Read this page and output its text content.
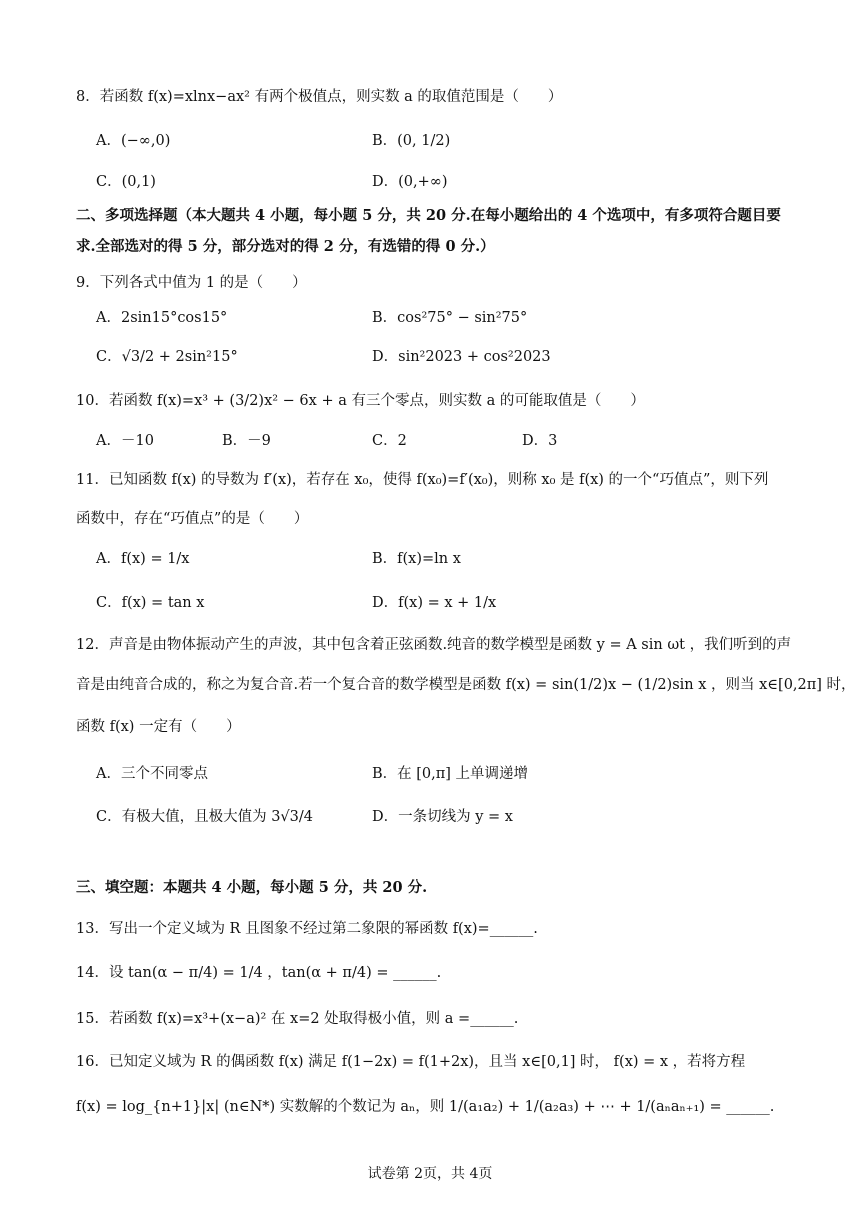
8．若函数 f(x)=xlnx−ax² 有两个极值点，则实数 a 的取值范围是（　　）
A．(−∞,0)	B．(0, 1/2)
C．(0,1)	D．(0,+∞)
二、多项选择题（本大题共 4 小题，每小题 5 分，共 20 分.在每小题给出的 4 个选项中，有多项符合题目要
求.全部选对的得 5 分，部分选对的得 2 分，有选错的得 0 分.）
9．下列各式中值为 1 的是（　　）
A．2sin15°cos15°	B．cos²75° − sin²75°
C．√3/2 + 2sin²15°	D．sin²2023 + cos²2023
10．若函数 f(x)=x³ + (3/2)x² − 6x + a 有三个零点，则实数 a 的可能取值是（　　）
A．－10	B．－9	C．2	D．3
11．已知函数 f(x) 的导数为 f′(x)，若存在 x₀，使得 f(x₀)=f′(x₀)，则称 x₀ 是 f(x) 的一个“巧值点”，则下列
函数中，存在“巧值点”的是（　　）
A．f(x) = 1/x	B．f(x)=ln x
C．f(x) = tan x	D．f(x) = x + 1/x
12．声音是由物体振动产生的声波，其中包含着正弦函数.纯音的数学模型是函数 y = A sin ωt ，我们听到的声
音是由纯音合成的，称之为复合音.若一个复合音的数学模型是函数 f(x) = sin(1/2)x − (1/2)sin x ，则当 x∈[0,2π] 时，
函数 f(x) 一定有（　　）
A．三个不同零点	B．在 [0,π] 上单调递增
C．有极大值，且极大值为 3√3/4	D．一条切线为 y = x
三、填空题：本题共 4 小题，每小题 5 分，共 20 分.
13．写出一个定义域为 R 且图象不经过第二象限的幂函数 f(x)=______.
14．设 tan(α − π/4) = 1/4 ，tan(α + π/4) = ______.
15．若函数 f(x)=x³+(x−a)² 在 x=2 处取得极小值，则 a =______.
16．已知定义域为 R 的偶函数 f(x) 满足 f(1−2x) = f(1+2x)，且当 x∈[0,1] 时， f(x) = x ，若将方程
f(x) = log_{n+1}|x| (n∈N*) 实数解的个数记为 aₙ，则 1/(a₁a₂) + 1/(a₂a₃) + ⋯ + 1/(aₙaₙ₊₁) = ______.
试卷第 2页，共 4页
